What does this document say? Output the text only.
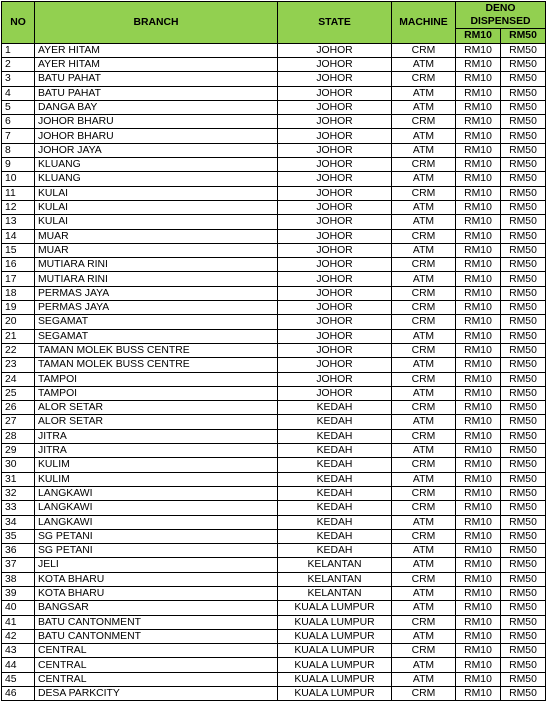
NO	BRANCH	STATE	MACHINE	DENO DISPENSED	
				RM10	RM50
1	AYER HITAM	JOHOR	CRM	RM10	RM50
2	AYER HITAM	JOHOR	ATM	RM10	RM50
3	BATU PAHAT	JOHOR	CRM	RM10	RM50
4	BATU PAHAT	JOHOR	ATM	RM10	RM50
5	DANGA BAY	JOHOR	ATM	RM10	RM50
6	JOHOR BHARU	JOHOR	CRM	RM10	RM50
7	JOHOR BHARU	JOHOR	ATM	RM10	RM50
8	JOHOR JAYA	JOHOR	ATM	RM10	RM50
9	KLUANG	JOHOR	CRM	RM10	RM50
10	KLUANG	JOHOR	ATM	RM10	RM50
11	KULAI	JOHOR	CRM	RM10	RM50
12	KULAI	JOHOR	ATM	RM10	RM50
13	KULAI	JOHOR	ATM	RM10	RM50
14	MUAR	JOHOR	CRM	RM10	RM50
15	MUAR	JOHOR	ATM	RM10	RM50
16	MUTIARA RINI	JOHOR	CRM	RM10	RM50
17	MUTIARA RINI	JOHOR	ATM	RM10	RM50
18	PERMAS JAYA	JOHOR	CRM	RM10	RM50
19	PERMAS JAYA	JOHOR	CRM	RM10	RM50
20	SEGAMAT	JOHOR	CRM	RM10	RM50
21	SEGAMAT	JOHOR	ATM	RM10	RM50
22	TAMAN MOLEK BUSS CENTRE	JOHOR	CRM	RM10	RM50
23	TAMAN MOLEK BUSS CENTRE	JOHOR	ATM	RM10	RM50
24	TAMPOI	JOHOR	CRM	RM10	RM50
25	TAMPOI	JOHOR	ATM	RM10	RM50
26	ALOR SETAR	KEDAH	CRM	RM10	RM50
27	ALOR SETAR	KEDAH	ATM	RM10	RM50
28	JITRA	KEDAH	CRM	RM10	RM50
29	JITRA	KEDAH	ATM	RM10	RM50
30	KULIM	KEDAH	CRM	RM10	RM50
31	KULIM	KEDAH	ATM	RM10	RM50
32	LANGKAWI	KEDAH	CRM	RM10	RM50
33	LANGKAWI	KEDAH	CRM	RM10	RM50
34	LANGKAWI	KEDAH	ATM	RM10	RM50
35	SG PETANI	KEDAH	CRM	RM10	RM50
36	SG PETANI	KEDAH	ATM	RM10	RM50
37	JELI	KELANTAN	ATM	RM10	RM50
38	KOTA BHARU	KELANTAN	CRM	RM10	RM50
39	KOTA BHARU	KELANTAN	ATM	RM10	RM50
40	BANGSAR	KUALA LUMPUR	ATM	RM10	RM50
41	BATU CANTONMENT	KUALA LUMPUR	CRM	RM10	RM50
42	BATU CANTONMENT	KUALA LUMPUR	ATM	RM10	RM50
43	CENTRAL	KUALA LUMPUR	CRM	RM10	RM50
44	CENTRAL	KUALA LUMPUR	ATM	RM10	RM50
45	CENTRAL	KUALA LUMPUR	ATM	RM10	RM50
46	DESA PARKCITY	KUALA LUMPUR	CRM	RM10	RM50
